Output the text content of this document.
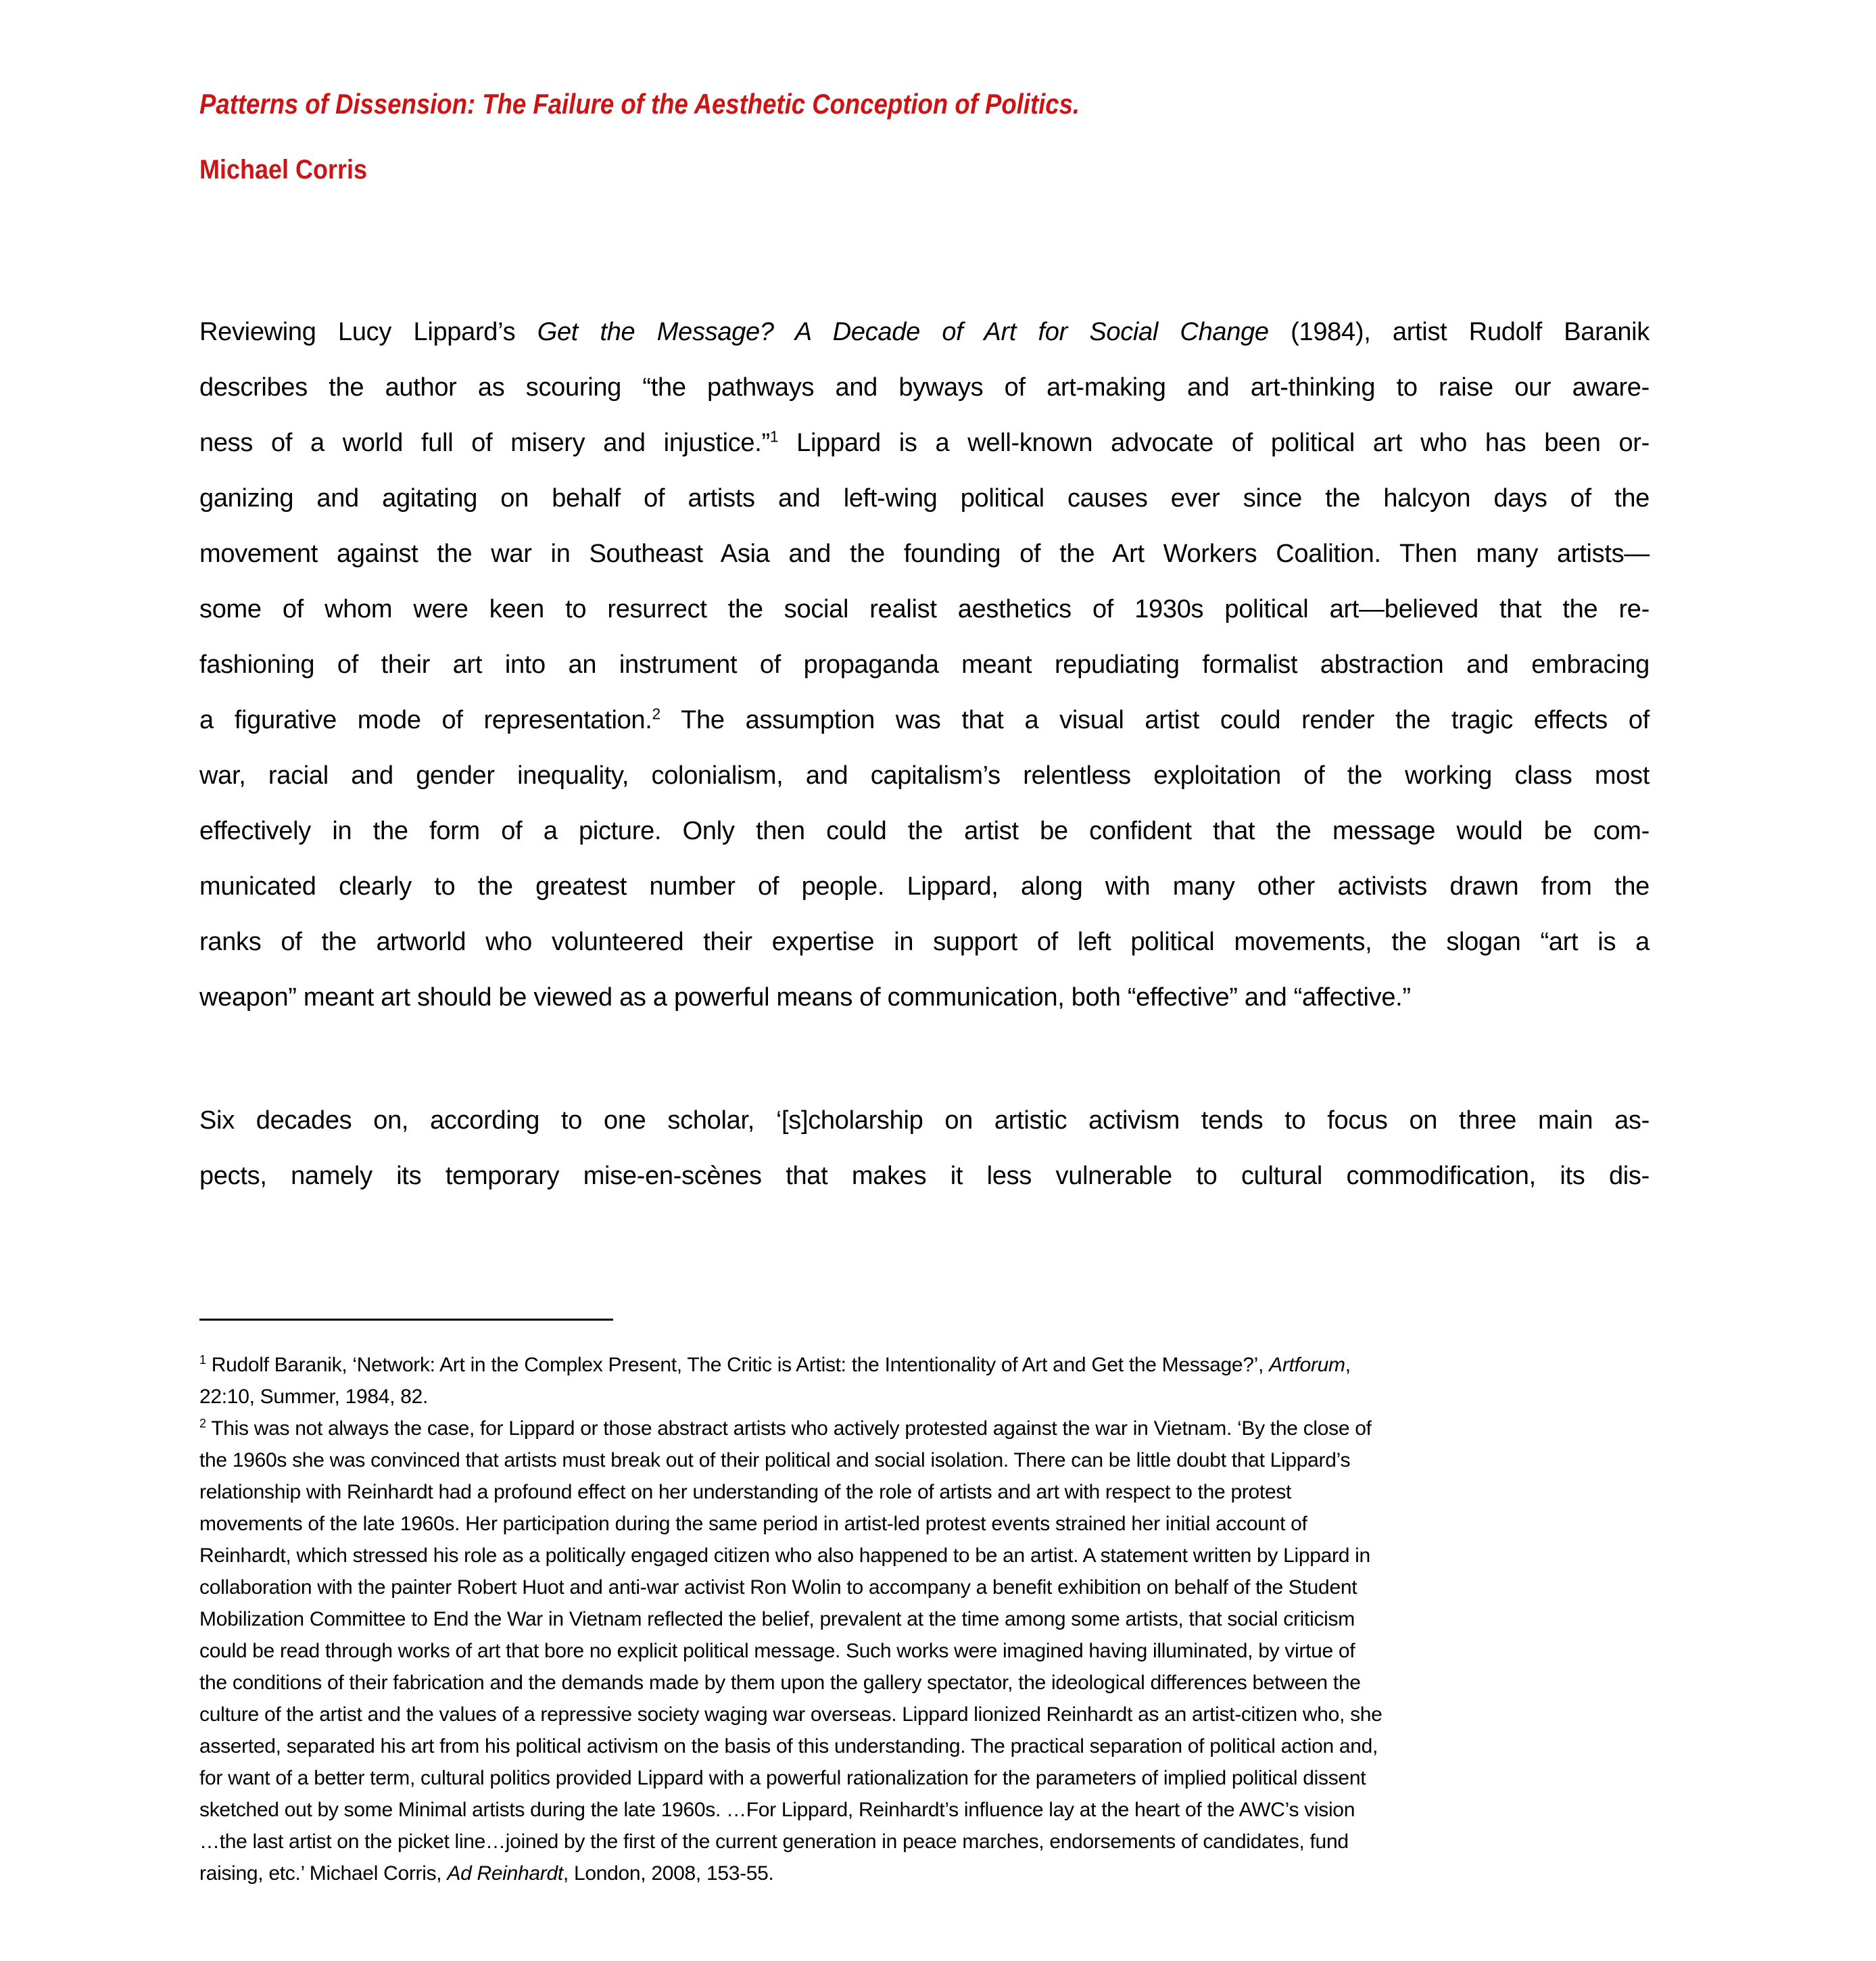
Patterns of Dissension: The Failure of the Aesthetic Conception of Politics.
Michael Corris
Reviewing Lucy Lippard’s Get the Message? A Decade of Art for Social Change (1984), artist Rudolf Baranik
describes the author as scouring “the pathways and byways of art-making and art-thinking to raise our aware-
ness of a world full of misery and injustice.”$^1$ Lippard is a well-known advocate of political art who has been or-
ganizing and agitating on behalf of artists and left-wing political causes ever since the halcyon days of the
movement against the war in Southeast Asia and the founding of the Art Workers Coalition. Then many artists—
some of whom were keen to resurrect the social realist aesthetics of 1930s political art—believed that the re-
fashioning of their art into an instrument of propaganda meant repudiating formalist abstraction and embracing
a figurative mode of representation.$^2$ The assumption was that a visual artist could render the tragic effects of
war, racial and gender inequality, colonialism, and capitalism’s relentless exploitation of the working class most
effectively in the form of a picture. Only then could the artist be confident that the message would be com-
municated clearly to the greatest number of people. Lippard, along with many other activists drawn from the
ranks of the artworld who volunteered their expertise in support of left political movements, the slogan “art is a
weapon” meant art should be viewed as a powerful means of communication, both “effective” and “affective.”
Six decades on, according to one scholar, ‘[s]cholarship on artistic activism tends to focus on three main as-
pects, namely its temporary mise-en-scènes that makes it less vulnerable to cultural commodification, its dis-
$^1$ Rudolf Baranik, ‘Network: Art in the Complex Present, The Critic is Artist: the Intentionality of Art and Get the Message?’, Artforum,
22:10, Summer, 1984, 82.
$^2$ This was not always the case, for Lippard or those abstract artists who actively protested against the war in Vietnam. ‘By the close of
the 1960s she was convinced that artists must break out of their political and social isolation. There can be little doubt that Lippard’s
relationship with Reinhardt had a profound effect on her understanding of the role of artists and art with respect to the protest
movements of the late 1960s. Her participation during the same period in artist-led protest events strained her initial account of
Reinhardt, which stressed his role as a politically engaged citizen who also happened to be an artist. A statement written by Lippard in
collaboration with the painter Robert Huot and anti-war activist Ron Wolin to accompany a benefit exhibition on behalf of the Student
Mobilization Committee to End the War in Vietnam reflected the belief, prevalent at the time among some artists, that social criticism
could be read through works of art that bore no explicit political message. Such works were imagined having illuminated, by virtue of
the conditions of their fabrication and the demands made by them upon the gallery spectator, the ideological differences between the
culture of the artist and the values of a repressive society waging war overseas. Lippard lionized Reinhardt as an artist-citizen who, she
asserted, separated his art from his political activism on the basis of this understanding. The practical separation of political action and,
for want of a better term, cultural politics provided Lippard with a powerful rationalization for the parameters of implied political dissent
sketched out by some Minimal artists during the late 1960s. …For Lippard, Reinhardt’s influence lay at the heart of the AWC’s vision
…the last artist on the picket line…joined by the first of the current generation in peace marches, endorsements of candidates, fund
raising, etc.’ Michael Corris, Ad Reinhardt, London, 2008, 153-55.
